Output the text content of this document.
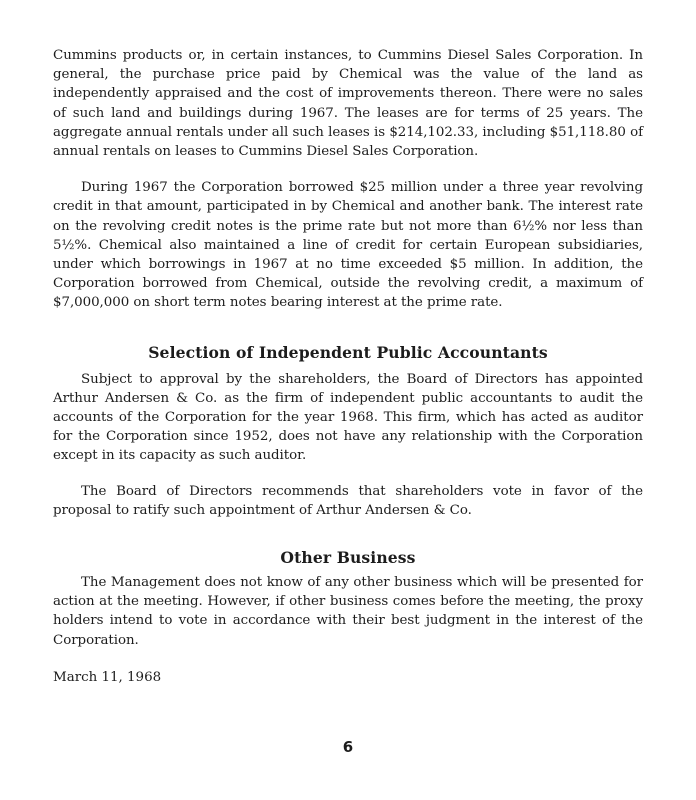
Cummins products or, in certain instances, to Cummins Diesel Sales Corporation. In general, the purchase price paid by Chemical was the value of the land as independently appraised and the cost of improvements thereon. There were no sales of such land and buildings during 1967. The leases are for terms of 25 years. The aggregate annual rentals under all such leases is $214,102.33, including $51,118.80 of annual rentals on leases to Cummins Diesel Sales Corporation.

During 1967 the Corporation borrowed $25 million under a three year revolving credit in that amount, participated in by Chemical and another bank. The interest rate on the revolving credit notes is the prime rate but not more than 6½% nor less than 5½%. Chemical also maintained a line of credit for certain European subsidiaries, under which borrowings in 1967 at no time exceeded $5 million. In addition, the Corporation borrowed from Chemical, outside the revolving credit, a maximum of $7,000,000 on short term notes bearing interest at the prime rate.

Selection of Independent Public Accountants

Subject to approval by the shareholders, the Board of Directors has appointed Arthur Andersen & Co. as the firm of independent public accountants to audit the accounts of the Corporation for the year 1968. This firm, which has acted as auditor for the Corporation since 1952, does not have any relationship with the Corporation except in its capacity as such auditor.

The Board of Directors recommends that shareholders vote in favor of the proposal to ratify such appointment of Arthur Andersen & Co.

Other Business

The Management does not know of any other business which will be presented for action at the meeting. However, if other business comes before the meeting, the proxy holders intend to vote in accordance with their best judgment in the interest of the Corporation.

March 11, 1968

6
